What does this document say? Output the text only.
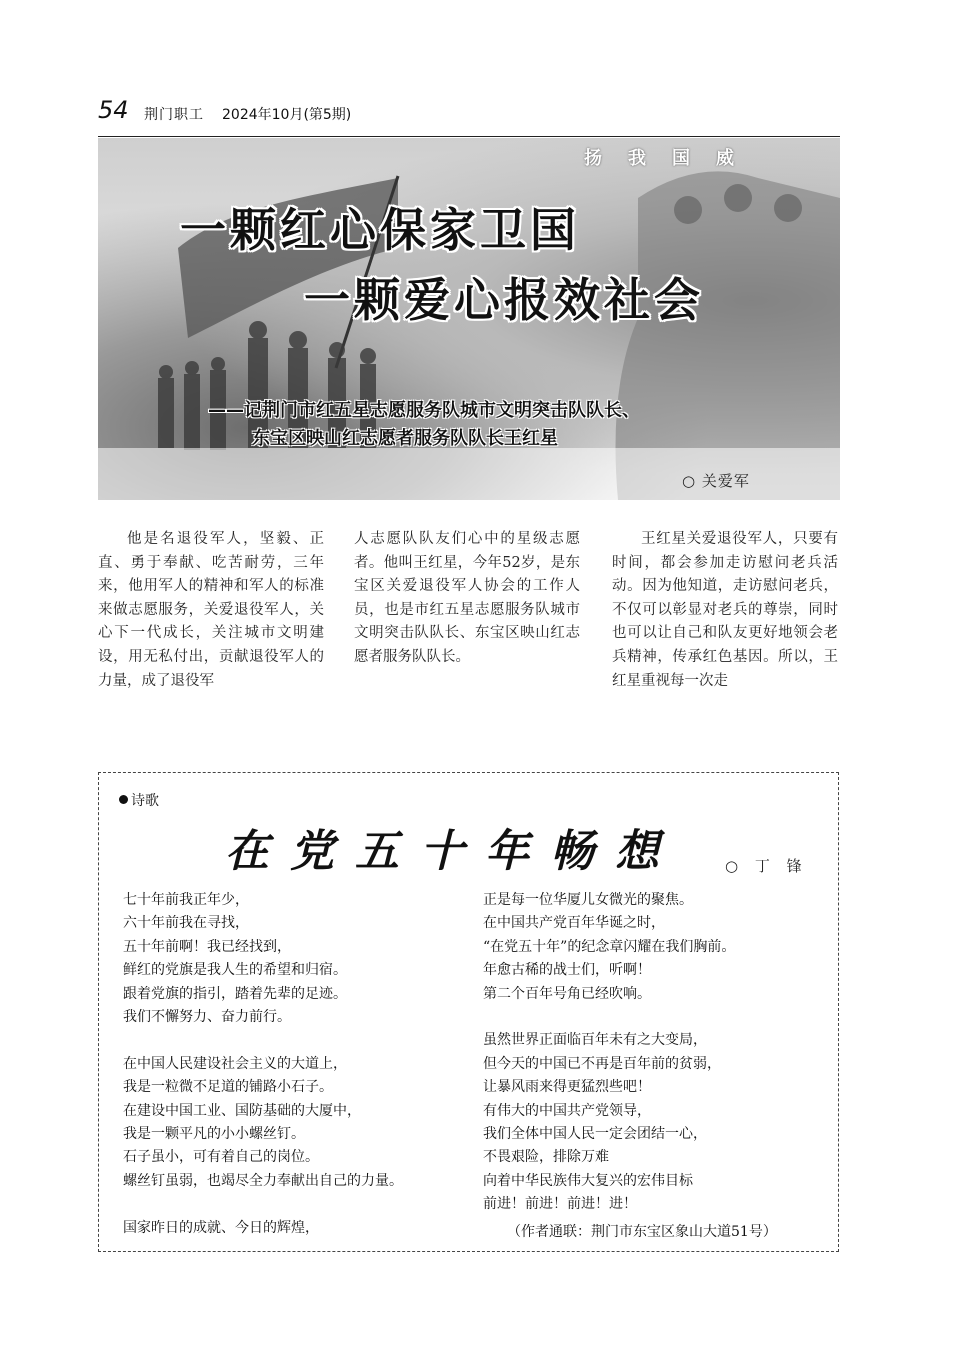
54 荆门职工 2024年10月(第5期)
扬我国威
一颗红心保家卫国
一颗爱心报效社会
——记荆门市红五星志愿服务队城市文明突击队队长、
东宝区映山红志愿者服务队队长王红星
○ 关爱军

他是名退役军人，坚毅、正直、勇于奉献、吃苦耐劳，三年来，他用军人的精神和军人的标准来做志愿服务，关爱退役军人，关心下一代成长，关注城市文明建设，用无私付出，贡献退役军人的力量，成了退役军

人志愿队队友们心中的星级志愿者。他叫王红星，今年52岁，是东宝区关爱退役军人协会的工作人员，也是市红五星志愿服务队城市文明突击队队长、东宝区映山红志愿者服务队队长。

王红星关爱退役军人，只要有时间，都会参加走访慰问老兵活动。因为他知道，走访慰问老兵，不仅可以彰显对老兵的尊崇，同时也可以让自己和队友更好地领会老兵精神，传承红色基因。所以，王红星重视每一次走

诗歌
在党五十年畅想	○ 丁 锋
七十年前我正年少，
六十年前我在寻找，
五十年前啊！我已经找到，
鲜红的党旗是我人生的希望和归宿。
跟着党旗的指引，踏着先辈的足迹。
我们不懈努力、奋力前行。
在中国人民建设社会主义的大道上，
我是一粒微不足道的铺路小石子。
在建设中国工业、国防基础的大厦中，
我是一颗平凡的小小螺丝钉。
石子虽小，可有着自己的岗位。
螺丝钉虽弱，也竭尽全力奉献出自己的力量。
国家昨日的成就、今日的辉煌，
正是每一位华厦儿女微光的聚焦。
在中国共产党百年华诞之时，
“在党五十年”的纪念章闪耀在我们胸前。
年愈古稀的战士们，听啊！
第二个百年号角已经吹响。
虽然世界正面临百年未有之大变局，
但今天的中国已不再是百年前的贫弱，
让暴风雨来得更猛烈些吧！
有伟大的中国共产党领导，
我们全体中国人民一定会团结一心，
不畏艰险，排除万难
向着中华民族伟大复兴的宏伟目标
前进！前进！前进！进！
（作者通联：荆门市东宝区象山大道51号）
